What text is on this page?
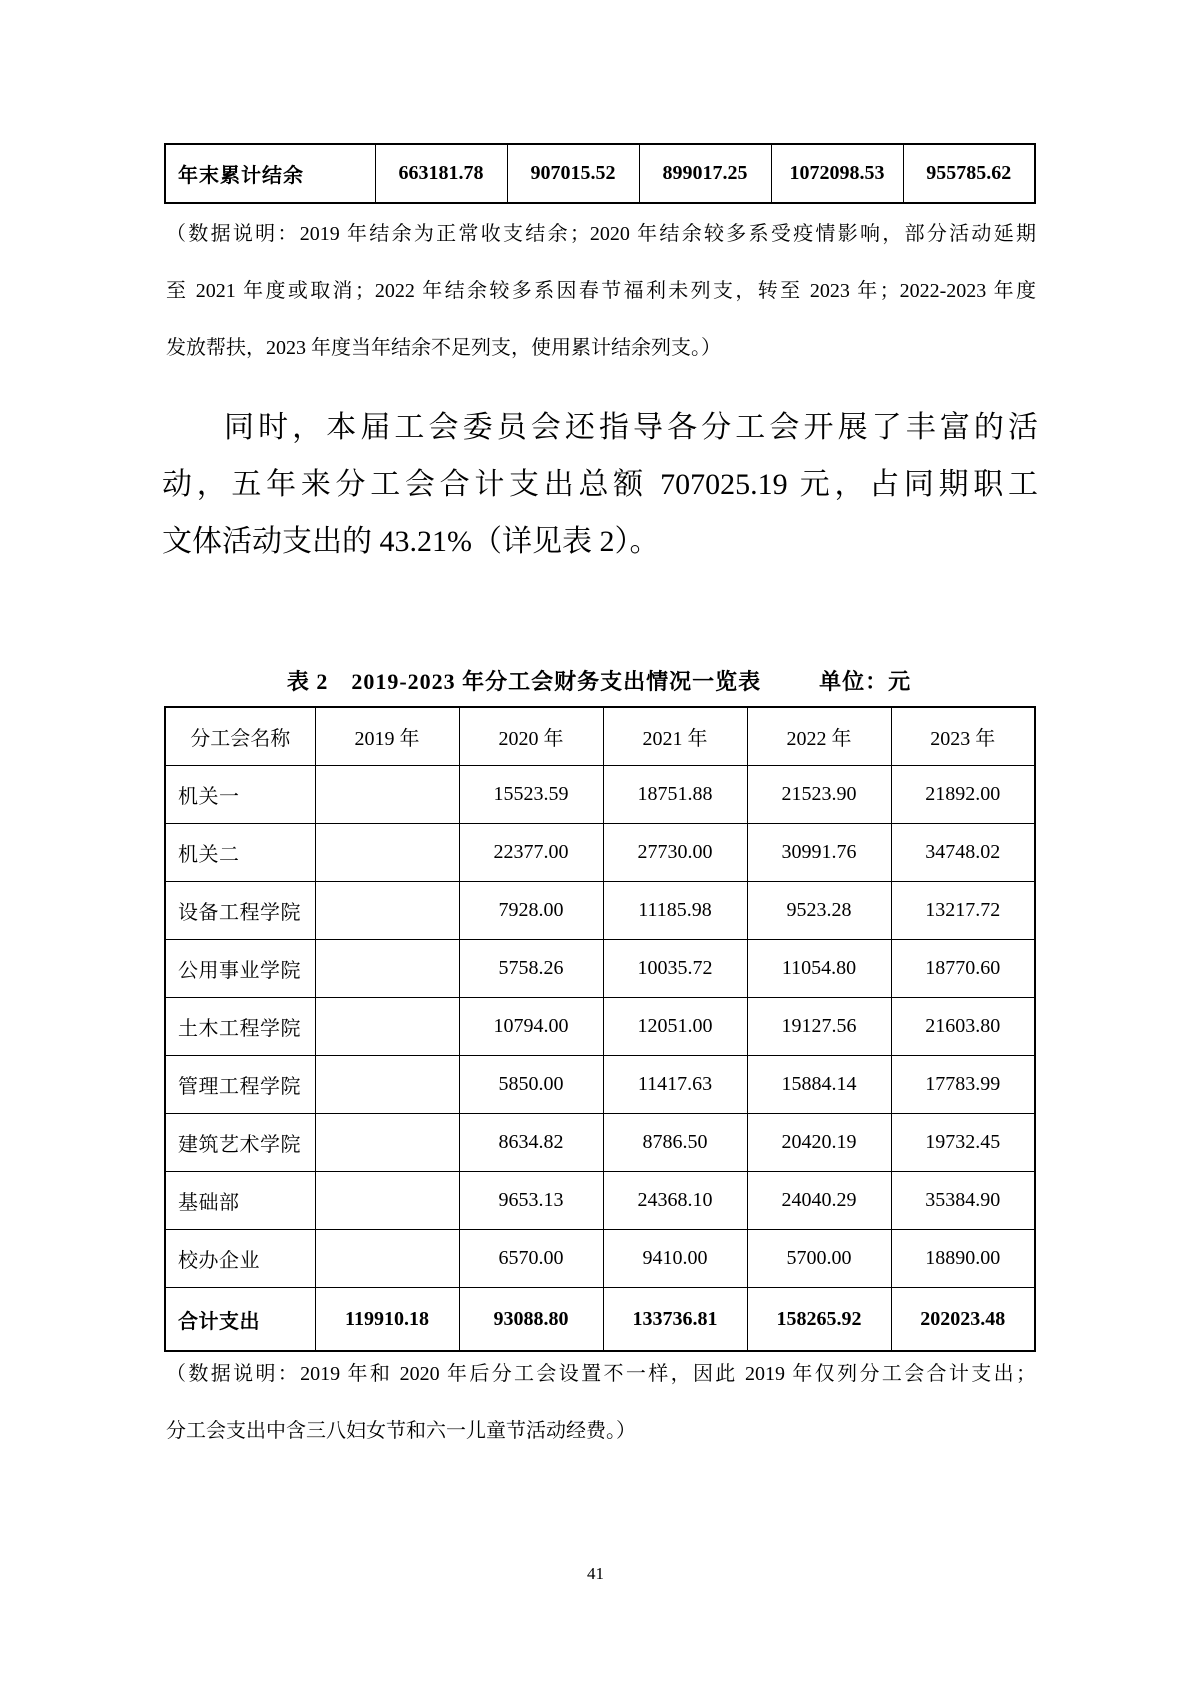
年末累计结余	663181.78	907015.52	899017.25	1072098.53	955785.62
（数据说明：2019 年结余为正常收支结余；2020 年结余较多系受疫情影响，部分活动延期
至 2021 年度或取消；2022 年结余较多系因春节福利未列支，转至 2023 年；2022-2023 年度
发放帮扶，2023 年度当年结余不足列支，使用累计结余列支。）
同时，本届工会委员会还指导各分工会开展了丰富的活
动，五年来分工会合计支出总额 707025.19 元，占同期职工
文体活动支出的 43.21%（详见表 2）。
表 2　2019-2023 年分工会财务支出情况一览表	单位：元
分工会名称	2019 年	2020 年	2021 年	2022 年	2023 年
机关一		15523.59	18751.88	21523.90	21892.00
机关二		22377.00	27730.00	30991.76	34748.02
设备工程学院		7928.00	11185.98	9523.28	13217.72
公用事业学院		5758.26	10035.72	11054.80	18770.60
土木工程学院		10794.00	12051.00	19127.56	21603.80
管理工程学院		5850.00	11417.63	15884.14	17783.99
建筑艺术学院		8634.82	8786.50	20420.19	19732.45
基础部		9653.13	24368.10	24040.29	35384.90
校办企业		6570.00	9410.00	5700.00	18890.00
合计支出	119910.18	93088.80	133736.81	158265.92	202023.48
（数据说明：2019 年和 2020 年后分工会设置不一样，因此 2019 年仅列分工会合计支出；
分工会支出中含三八妇女节和六一儿童节活动经费。）
41
